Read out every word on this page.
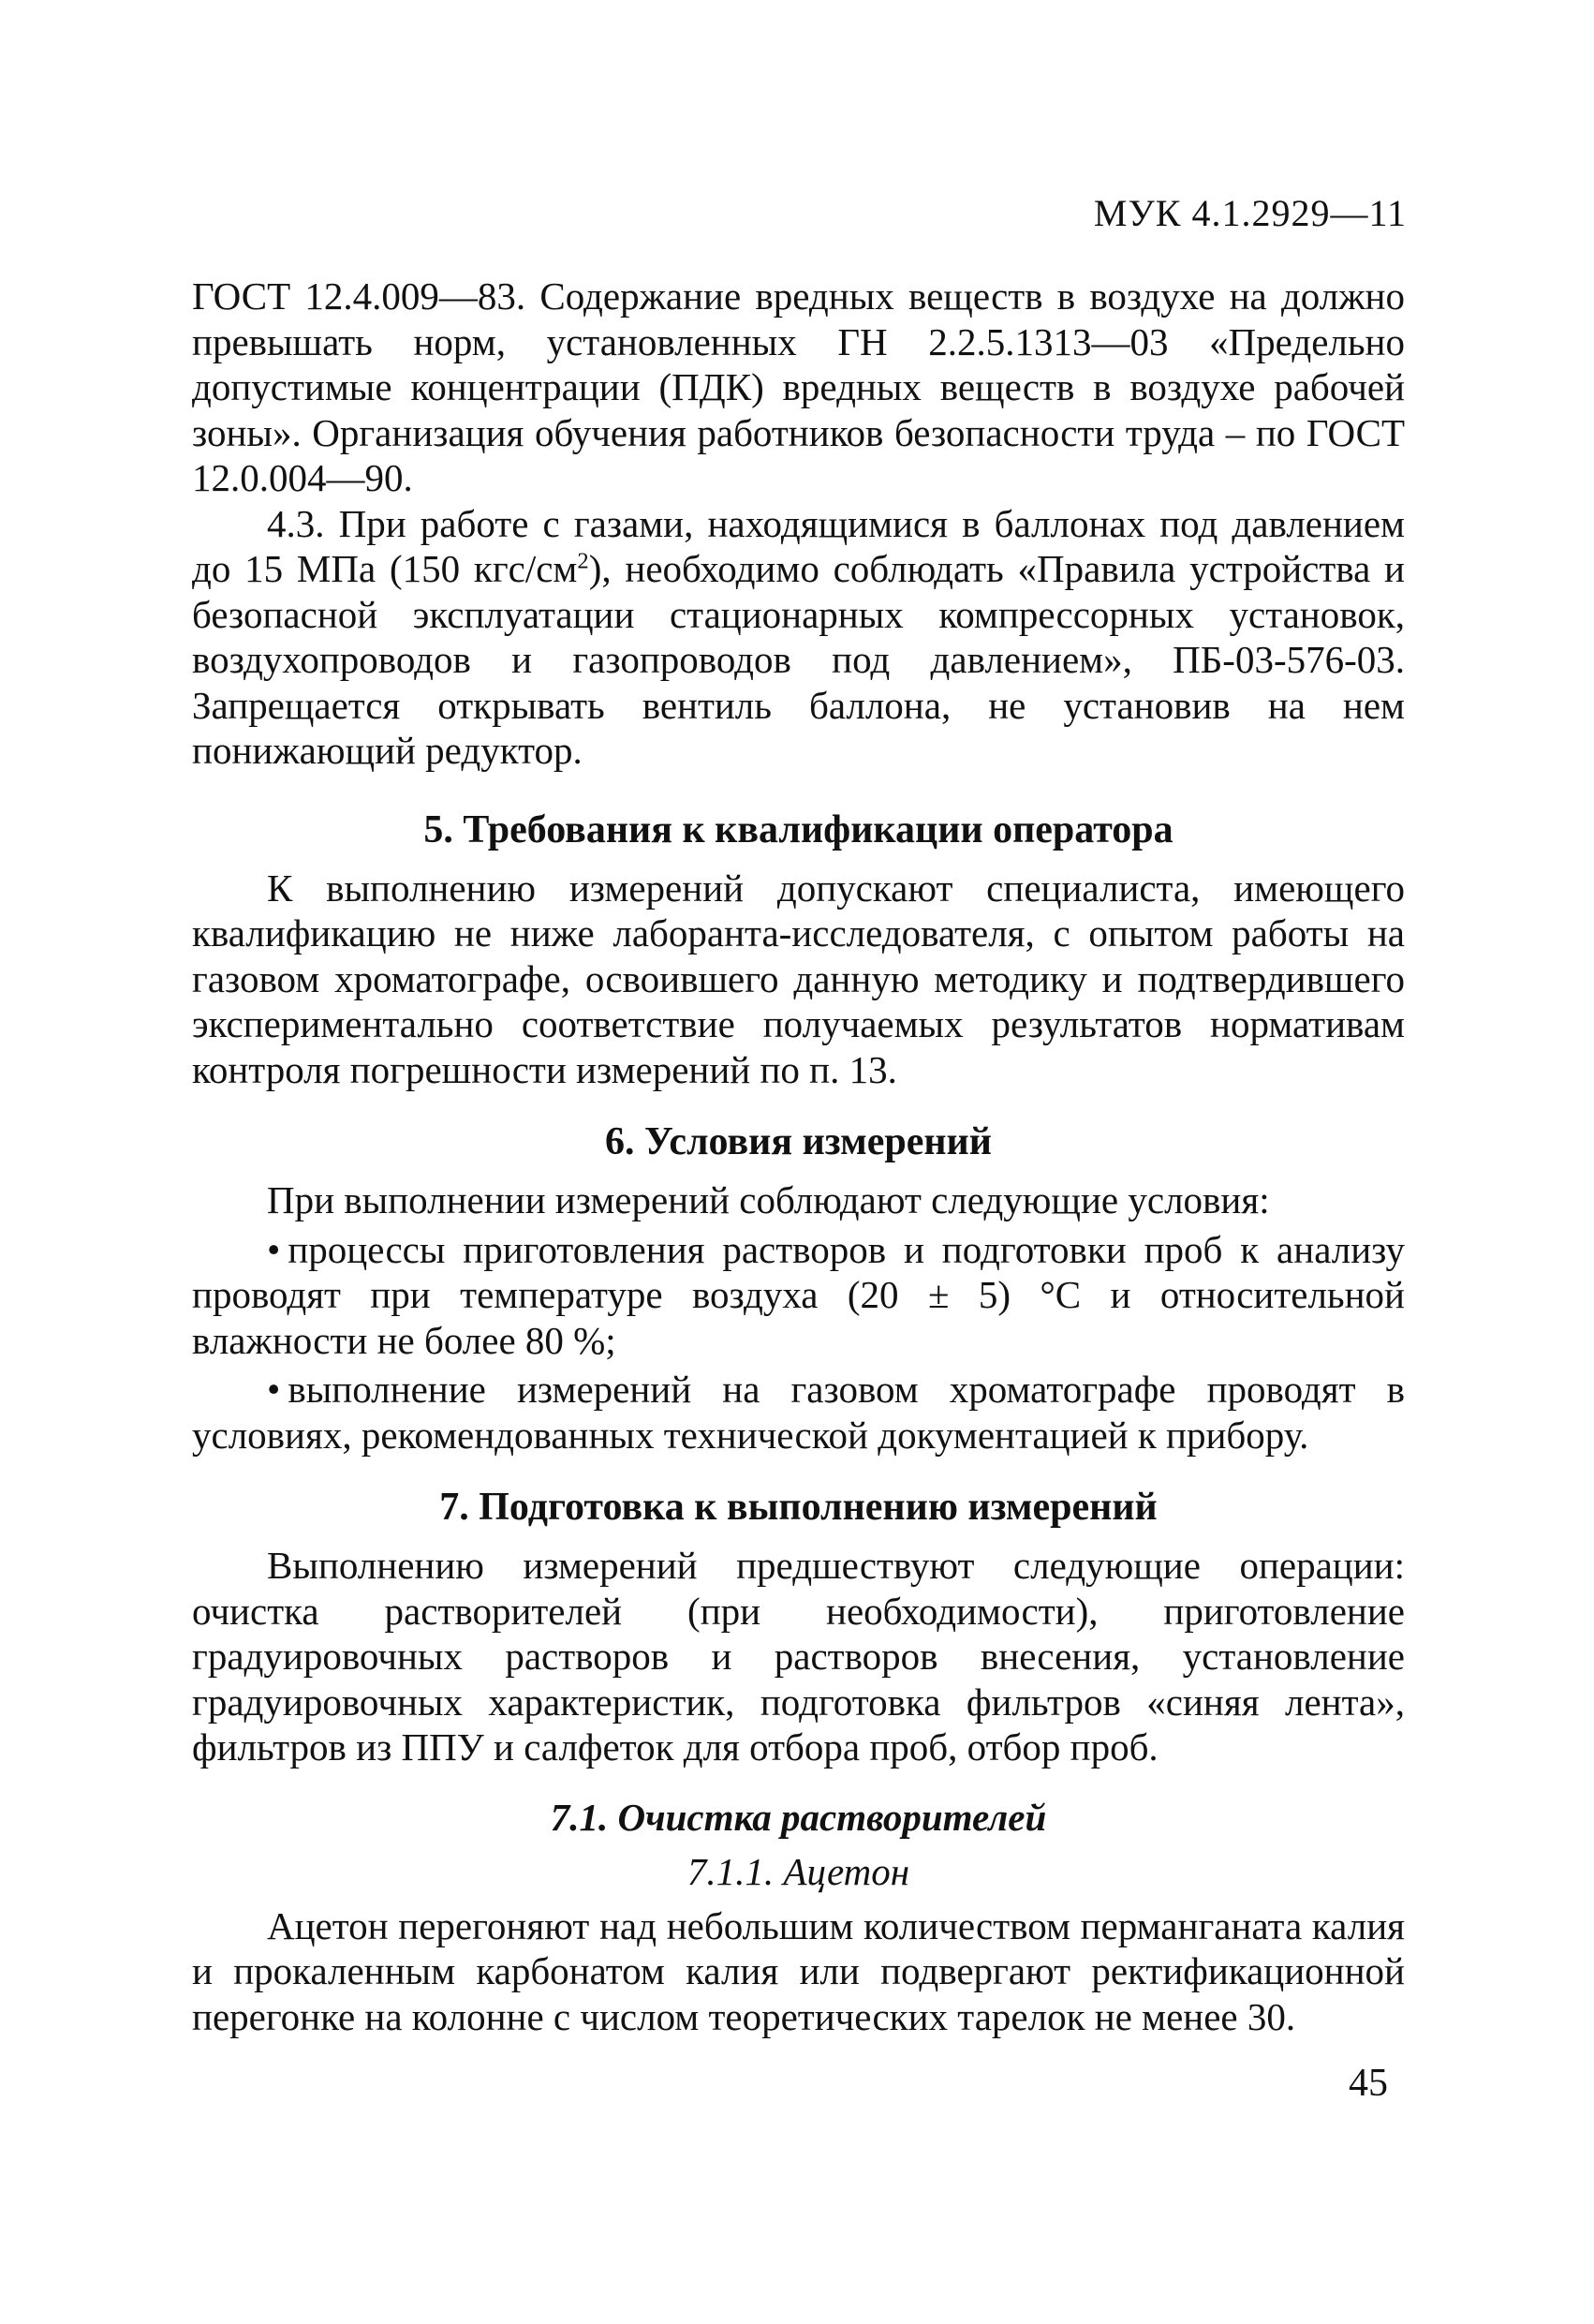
МУК 4.1.2929—11

ГОСТ 12.4.009—83. Содержание вредных веществ в воздухе на должно превышать норм, установленных ГН 2.2.5.1313—03 «Предельно допустимые концентрации (ПДК) вредных веществ в воздухе рабочей зоны». Организация обучения работников безопасности труда – по ГОСТ 12.0.004—90.

4.3. При работе с газами, находящимися в баллонах под давлением до 15 МПа (150 кгс/$см^2$), необходимо соблюдать «Правила устройства и безопасной эксплуатации стационарных компрессорных установок, воздухопроводов и газопроводов под давлением», ПБ-03-576-03. Запрещается открывать вентиль баллона, не установив на нем понижающий редуктор.

5. Требования к квалификации оператора

К выполнению измерений допускают специалиста, имеющего квалификацию не ниже лаборанта-исследователя, с опытом работы на газовом хроматографе, освоившего данную методику и подтвердившего экспериментально соответствие получаемых результатов нормативам контроля погрешности измерений по п. 13.

6. Условия измерений

При выполнении измерений соблюдают следующие условия:

• процессы приготовления растворов и подготовки проб к анализу проводят при температуре воздуха (20 ± 5) °С и относительной влажности не более 80 %;

• выполнение измерений на газовом хроматографе проводят в условиях, рекомендованных технической документацией к прибору.

7. Подготовка к выполнению измерений

Выполнению измерений предшествуют следующие операции: очистка растворителей (при необходимости), приготовление градуировочных растворов и растворов внесения, установление градуировочных характеристик, подготовка фильтров «синяя лента», фильтров из ППУ и салфеток для отбора проб, отбор проб.

7.1. Очистка растворителей
7.1.1. Ацетон

Ацетон перегоняют над небольшим количеством перманганата калия и прокаленным карбонатом калия или подвергают ректификационной перегонке на колонне с числом теоретических тарелок не менее 30.

45
